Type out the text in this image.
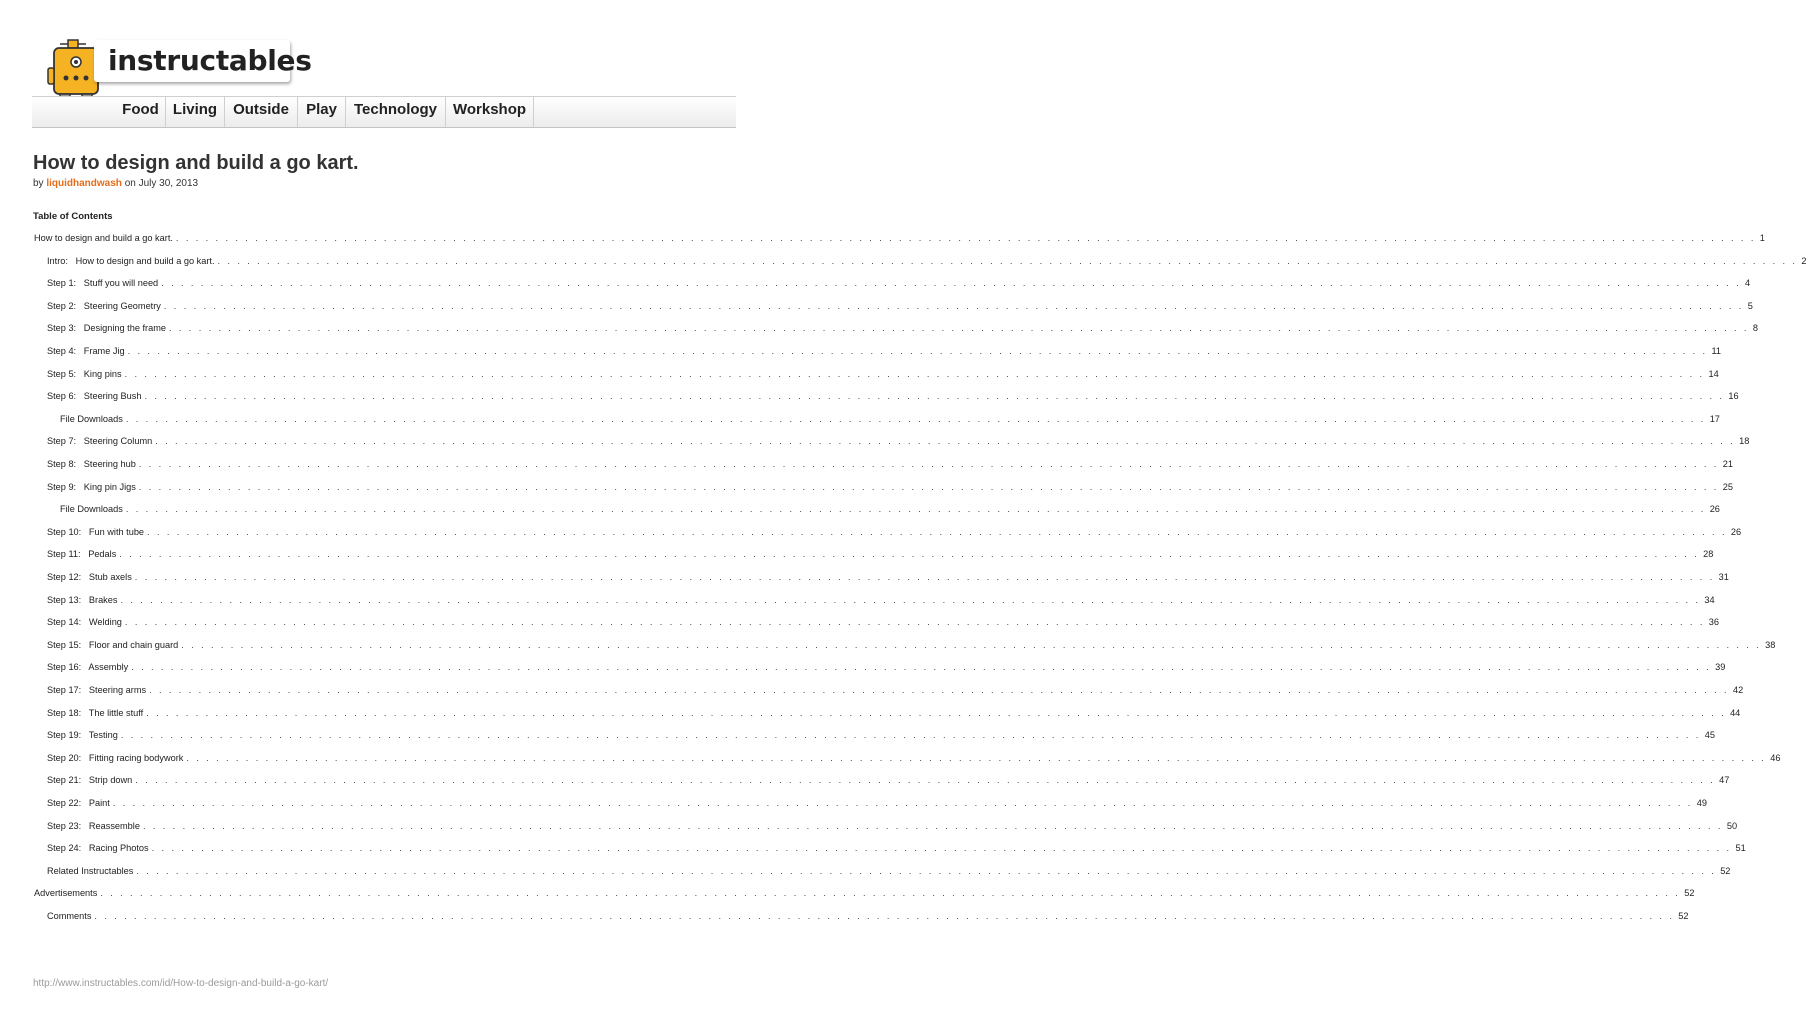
instructables
Food Living	Outside	Play	Technology	Workshop
How to design and build a go kart.
by liquidhandwash on July 30, 2013
Table of Contents
How to design and build a go kart. . . . . . . . . . . . . . . . . . . . . . . . . . . . . . . . . . . . . . . . . . . . . . . . . . . . . . . . . . . . . . . . . . . . . . . . . . . . . . . . . . . . . . . . . . . . . . . . . . . . . . . . . . . . . . . . . . . . . . . . . . . . . . . . . . . . . . . . . . . . . . . . . . . . . . . . . . . . . . . . . 1
Intro:   How to design and build a go kart. . . . . . . . . . . . . . . . . . . . . . . . . . . . . . . . . . . . . . . . . . . . . . . . . . . . . . . . . . . . . . . . . . . . . . . . . . . . . . . . . . . . . . . . . . . . . . . . . . . . . . . . . . . . . . . . . . . . . . . . . . . . . . . . . . . . . . . . . . . . . . . . . . . . . . . . . . . . . . . . . 2
Step 1:   Stuff you will need . . . . . . . . . . . . . . . . . . . . . . . . . . . . . . . . . . . . . . . . . . . . . . . . . . . . . . . . . . . . . . . . . . . . . . . . . . . . . . . . . . . . . . . . . . . . . . . . . . . . . . . . . . . . . . . . . . . . . . . . . . . . . . . . . . . . . . . . . . . . . . . . . . . . . . . . . . . . . . . . 4
Step 2:   Steering Geometry . . . . . . . . . . . . . . . . . . . . . . . . . . . . . . . . . . . . . . . . . . . . . . . . . . . . . . . . . . . . . . . . . . . . . . . . . . . . . . . . . . . . . . . . . . . . . . . . . . . . . . . . . . . . . . . . . . . . . . . . . . . . . . . . . . . . . . . . . . . . . . . . . . . . . . . . . . . . . . . . 5
Step 3:   Designing the frame . . . . . . . . . . . . . . . . . . . . . . . . . . . . . . . . . . . . . . . . . . . . . . . . . . . . . . . . . . . . . . . . . . . . . . . . . . . . . . . . . . . . . . . . . . . . . . . . . . . . . . . . . . . . . . . . . . . . . . . . . . . . . . . . . . . . . . . . . . . . . . . . . . . . . . . . . . . . . . . . 8
Step 4:   Frame Jig . . . . . . . . . . . . . . . . . . . . . . . . . . . . . . . . . . . . . . . . . . . . . . . . . . . . . . . . . . . . . . . . . . . . . . . . . . . . . . . . . . . . . . . . . . . . . . . . . . . . . . . . . . . . . . . . . . . . . . . . . . . . . . . . . . . . . . . . . . . . . . . . . . . . . . . . . . . . . . . . 11
Step 5:   King pins . . . . . . . . . . . . . . . . . . . . . . . . . . . . . . . . . . . . . . . . . . . . . . . . . . . . . . . . . . . . . . . . . . . . . . . . . . . . . . . . . . . . . . . . . . . . . . . . . . . . . . . . . . . . . . . . . . . . . . . . . . . . . . . . . . . . . . . . . . . . . . . . . . . . . . . . . . . . . . . . 14
Step 6:   Steering Bush . . . . . . . . . . . . . . . . . . . . . . . . . . . . . . . . . . . . . . . . . . . . . . . . . . . . . . . . . . . . . . . . . . . . . . . . . . . . . . . . . . . . . . . . . . . . . . . . . . . . . . . . . . . . . . . . . . . . . . . . . . . . . . . . . . . . . . . . . . . . . . . . . . . . . . . . . . . . . . . . 16
File Downloads . . . . . . . . . . . . . . . . . . . . . . . . . . . . . . . . . . . . . . . . . . . . . . . . . . . . . . . . . . . . . . . . . . . . . . . . . . . . . . . . . . . . . . . . . . . . . . . . . . . . . . . . . . . . . . . . . . . . . . . . . . . . . . . . . . . . . . . . . . . . . . . . . . . . . . . . . . . . . . . . 17
Step 7:   Steering Column . . . . . . . . . . . . . . . . . . . . . . . . . . . . . . . . . . . . . . . . . . . . . . . . . . . . . . . . . . . . . . . . . . . . . . . . . . . . . . . . . . . . . . . . . . . . . . . . . . . . . . . . . . . . . . . . . . . . . . . . . . . . . . . . . . . . . . . . . . . . . . . . . . . . . . . . . . . . . . . . 18
Step 8:   Steering hub . . . . . . . . . . . . . . . . . . . . . . . . . . . . . . . . . . . . . . . . . . . . . . . . . . . . . . . . . . . . . . . . . . . . . . . . . . . . . . . . . . . . . . . . . . . . . . . . . . . . . . . . . . . . . . . . . . . . . . . . . . . . . . . . . . . . . . . . . . . . . . . . . . . . . . . . . . . . . . . . 21
Step 9:   King pin Jigs . . . . . . . . . . . . . . . . . . . . . . . . . . . . . . . . . . . . . . . . . . . . . . . . . . . . . . . . . . . . . . . . . . . . . . . . . . . . . . . . . . . . . . . . . . . . . . . . . . . . . . . . . . . . . . . . . . . . . . . . . . . . . . . . . . . . . . . . . . . . . . . . . . . . . . . . . . . . . . . . 25
File Downloads . . . . . . . . . . . . . . . . . . . . . . . . . . . . . . . . . . . . . . . . . . . . . . . . . . . . . . . . . . . . . . . . . . . . . . . . . . . . . . . . . . . . . . . . . . . . . . . . . . . . . . . . . . . . . . . . . . . . . . . . . . . . . . . . . . . . . . . . . . . . . . . . . . . . . . . . . . . . . . . . 26
Step 10:   Fun with tube . . . . . . . . . . . . . . . . . . . . . . . . . . . . . . . . . . . . . . . . . . . . . . . . . . . . . . . . . . . . . . . . . . . . . . . . . . . . . . . . . . . . . . . . . . . . . . . . . . . . . . . . . . . . . . . . . . . . . . . . . . . . . . . . . . . . . . . . . . . . . . . . . . . . . . . . . . . . . . . . 26
Step 11:   Pedals . . . . . . . . . . . . . . . . . . . . . . . . . . . . . . . . . . . . . . . . . . . . . . . . . . . . . . . . . . . . . . . . . . . . . . . . . . . . . . . . . . . . . . . . . . . . . . . . . . . . . . . . . . . . . . . . . . . . . . . . . . . . . . . . . . . . . . . . . . . . . . . . . . . . . . . . . . . . . . . . 28
Step 12:   Stub axels . . . . . . . . . . . . . . . . . . . . . . . . . . . . . . . . . . . . . . . . . . . . . . . . . . . . . . . . . . . . . . . . . . . . . . . . . . . . . . . . . . . . . . . . . . . . . . . . . . . . . . . . . . . . . . . . . . . . . . . . . . . . . . . . . . . . . . . . . . . . . . . . . . . . . . . . . . . . . . . . 31
Step 13:   Brakes . . . . . . . . . . . . . . . . . . . . . . . . . . . . . . . . . . . . . . . . . . . . . . . . . . . . . . . . . . . . . . . . . . . . . . . . . . . . . . . . . . . . . . . . . . . . . . . . . . . . . . . . . . . . . . . . . . . . . . . . . . . . . . . . . . . . . . . . . . . . . . . . . . . . . . . . . . . . . . . . 34
Step 14:   Welding . . . . . . . . . . . . . . . . . . . . . . . . . . . . . . . . . . . . . . . . . . . . . . . . . . . . . . . . . . . . . . . . . . . . . . . . . . . . . . . . . . . . . . . . . . . . . . . . . . . . . . . . . . . . . . . . . . . . . . . . . . . . . . . . . . . . . . . . . . . . . . . . . . . . . . . . . . . . . . . . 36
Step 15:   Floor and chain guard . . . . . . . . . . . . . . . . . . . . . . . . . . . . . . . . . . . . . . . . . . . . . . . . . . . . . . . . . . . . . . . . . . . . . . . . . . . . . . . . . . . . . . . . . . . . . . . . . . . . . . . . . . . . . . . . . . . . . . . . . . . . . . . . . . . . . . . . . . . . . . . . . . . . . . . . . . . . . . . . 38
Step 16:   Assembly . . . . . . . . . . . . . . . . . . . . . . . . . . . . . . . . . . . . . . . . . . . . . . . . . . . . . . . . . . . . . . . . . . . . . . . . . . . . . . . . . . . . . . . . . . . . . . . . . . . . . . . . . . . . . . . . . . . . . . . . . . . . . . . . . . . . . . . . . . . . . . . . . . . . . . . . . . . . . . . . 39
Step 17:   Steering arms . . . . . . . . . . . . . . . . . . . . . . . . . . . . . . . . . . . . . . . . . . . . . . . . . . . . . . . . . . . . . . . . . . . . . . . . . . . . . . . . . . . . . . . . . . . . . . . . . . . . . . . . . . . . . . . . . . . . . . . . . . . . . . . . . . . . . . . . . . . . . . . . . . . . . . . . . . . . . . . . 42
Step 18:   The little stuff . . . . . . . . . . . . . . . . . . . . . . . . . . . . . . . . . . . . . . . . . . . . . . . . . . . . . . . . . . . . . . . . . . . . . . . . . . . . . . . . . . . . . . . . . . . . . . . . . . . . . . . . . . . . . . . . . . . . . . . . . . . . . . . . . . . . . . . . . . . . . . . . . . . . . . . . . . . . . . . . 44
Step 19:   Testing . . . . . . . . . . . . . . . . . . . . . . . . . . . . . . . . . . . . . . . . . . . . . . . . . . . . . . . . . . . . . . . . . . . . . . . . . . . . . . . . . . . . . . . . . . . . . . . . . . . . . . . . . . . . . . . . . . . . . . . . . . . . . . . . . . . . . . . . . . . . . . . . . . . . . . . . . . . . . . . . 45
Step 20:   Fitting racing bodywork . . . . . . . . . . . . . . . . . . . . . . . . . . . . . . . . . . . . . . . . . . . . . . . . . . . . . . . . . . . . . . . . . . . . . . . . . . . . . . . . . . . . . . . . . . . . . . . . . . . . . . . . . . . . . . . . . . . . . . . . . . . . . . . . . . . . . . . . . . . . . . . . . . . . . . . . . . . . . . . . 46
Step 21:   Strip down . . . . . . . . . . . . . . . . . . . . . . . . . . . . . . . . . . . . . . . . . . . . . . . . . . . . . . . . . . . . . . . . . . . . . . . . . . . . . . . . . . . . . . . . . . . . . . . . . . . . . . . . . . . . . . . . . . . . . . . . . . . . . . . . . . . . . . . . . . . . . . . . . . . . . . . . . . . . . . . . 47
Step 22:   Paint . . . . . . . . . . . . . . . . . . . . . . . . . . . . . . . . . . . . . . . . . . . . . . . . . . . . . . . . . . . . . . . . . . . . . . . . . . . . . . . . . . . . . . . . . . . . . . . . . . . . . . . . . . . . . . . . . . . . . . . . . . . . . . . . . . . . . . . . . . . . . . . . . . . . . . . . . . . . . . . . 49
Step 23:   Reassemble . . . . . . . . . . . . . . . . . . . . . . . . . . . . . . . . . . . . . . . . . . . . . . . . . . . . . . . . . . . . . . . . . . . . . . . . . . . . . . . . . . . . . . . . . . . . . . . . . . . . . . . . . . . . . . . . . . . . . . . . . . . . . . . . . . . . . . . . . . . . . . . . . . . . . . . . . . . . . . . . 50
Step 24:   Racing Photos . . . . . . . . . . . . . . . . . . . . . . . . . . . . . . . . . . . . . . . . . . . . . . . . . . . . . . . . . . . . . . . . . . . . . . . . . . . . . . . . . . . . . . . . . . . . . . . . . . . . . . . . . . . . . . . . . . . . . . . . . . . . . . . . . . . . . . . . . . . . . . . . . . . . . . . . . . . . . . . . 51
Related Instructables . . . . . . . . . . . . . . . . . . . . . . . . . . . . . . . . . . . . . . . . . . . . . . . . . . . . . . . . . . . . . . . . . . . . . . . . . . . . . . . . . . . . . . . . . . . . . . . . . . . . . . . . . . . . . . . . . . . . . . . . . . . . . . . . . . . . . . . . . . . . . . . . . . . . . . . . . . . . . . . . 52
Advertisements . . . . . . . . . . . . . . . . . . . . . . . . . . . . . . . . . . . . . . . . . . . . . . . . . . . . . . . . . . . . . . . . . . . . . . . . . . . . . . . . . . . . . . . . . . . . . . . . . . . . . . . . . . . . . . . . . . . . . . . . . . . . . . . . . . . . . . . . . . . . . . . . . . . . . . . . . . . . . . . . 52
Comments . . . . . . . . . . . . . . . . . . . . . . . . . . . . . . . . . . . . . . . . . . . . . . . . . . . . . . . . . . . . . . . . . . . . . . . . . . . . . . . . . . . . . . . . . . . . . . . . . . . . . . . . . . . . . . . . . . . . . . . . . . . . . . . . . . . . . . . . . . . . . . . . . . . . . . . . . . . . . . . . 52
http://www.instructables.com/id/How-to-design-and-build-a-go-kart/
